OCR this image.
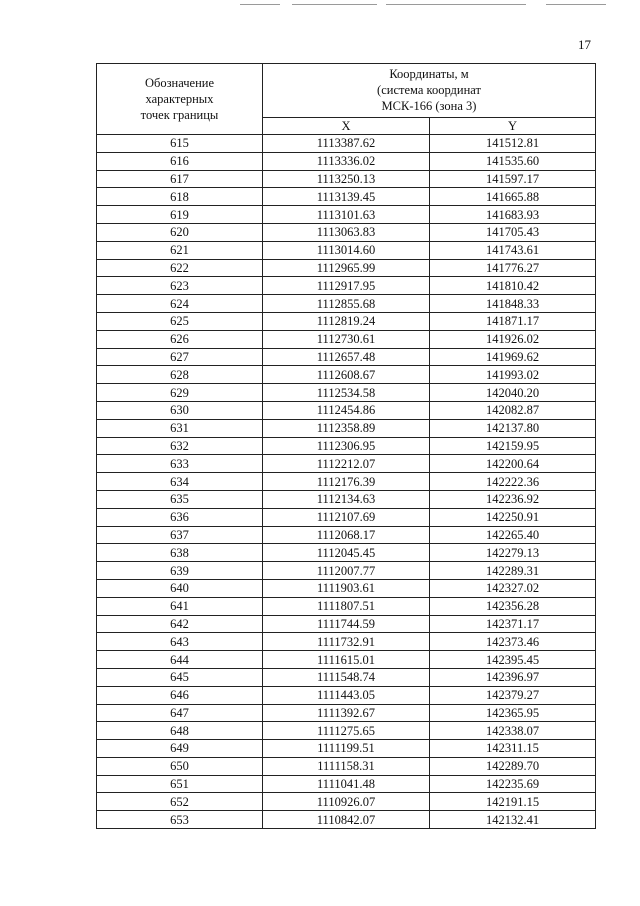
17
Обозначение
характерных
точек границы	Координаты, м
(система координат
МСК-166 (зона 3)	

	X	Y
615	1113387.62	141512.81
616	1113336.02	141535.60
617	1113250.13	141597.17
618	1113139.45	141665.88
619	1113101.63	141683.93
620	1113063.83	141705.43
621	1113014.60	141743.61
622	1112965.99	141776.27
623	1112917.95	141810.42
624	1112855.68	141848.33
625	1112819.24	141871.17
626	1112730.61	141926.02
627	1112657.48	141969.62
628	1112608.67	141993.02
629	1112534.58	142040.20
630	1112454.86	142082.87
631	1112358.89	142137.80
632	1112306.95	142159.95
633	1112212.07	142200.64
634	1112176.39	142222.36
635	1112134.63	142236.92
636	1112107.69	142250.91
637	1112068.17	142265.40
638	1112045.45	142279.13
639	1112007.77	142289.31
640	1111903.61	142327.02
641	1111807.51	142356.28
642	1111744.59	142371.17
643	1111732.91	142373.46
644	1111615.01	142395.45
645	1111548.74	142396.97
646	1111443.05	142379.27
647	1111392.67	142365.95
648	1111275.65	142338.07
649	1111199.51	142311.15
650	1111158.31	142289.70
651	1111041.48	142235.69
652	1110926.07	142191.15
653	1110842.07	142132.41
